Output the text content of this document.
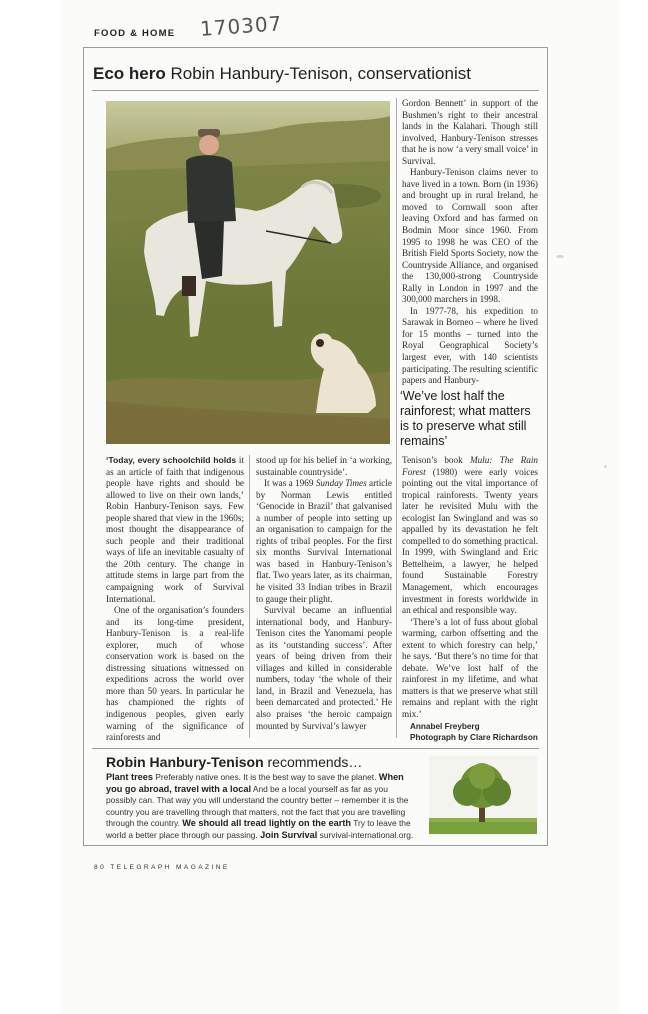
FOOD & HOME 170307
Eco hero Robin Hanbury-Tenison, conservationist

‘Today, every schoolchild holds it as an article of faith that indigenous people have rights and should be allowed to live on their own lands,’ Robin Hanbury-Tenison says. Few people shared that view in the 1960s; most thought the disappearance of such people and their traditional ways of life an inevitable casualty of the 20th century. The change in attitude stems in large part from the campaigning work of Survival International.

One of the organisation’s founders and its long-time president, Hanbury-Tenison is a real-life explorer, much of whose conservation work is based on the distressing situations witnessed on expeditions across the world over more than 50 years. In particular he has championed the rights of indigenous peoples, given early warning of the significance of rainforests and

stood up for his belief in ‘a working, sustainable countryside’.

It was a 1969 Sunday Times article by Norman Lewis entitled ‘Genocide in Brazil’ that galvanised a number of people into setting up an organisation to campaign for the rights of tribal peoples. For the first six months Survival International was based in Hanbury-Tenison’s flat. Two years later, as its chairman, he visited 33 Indian tribes in Brazil to gauge their plight.

Survival became an influential international body, and Hanbury-Tenison cites the Yanomami people as its ‘outstanding success’. After years of being driven from their villages and killed in considerable numbers, today ‘the whole of their land, in Brazil and Venezuela, has been demarcated and protected.’ He also praises ‘the heroic campaign mounted by Survival’s lawyer

Gordon Bennett’ in support of the Bushmen’s right to their ancestral lands in the Kalahari. Though still involved, Hanbury-Tenison stresses that he is now ‘a very small voice’ in Survival.

Hanbury-Tenison claims never to have lived in a town. Born (in 1936) and brought up in rural Ireland, he moved to Cornwall soon after leaving Oxford and has farmed on Bodmin Moor since 1960. From 1995 to 1998 he was CEO of the British Field Sports Society, now the Countryside Alliance, and organised the 130,000-strong Countryside Rally in London in 1997 and the 300,000 marchers in 1998.

In 1977-78, his expedition to Sarawak in Borneo – where he lived for 15 months – turned into the Royal Geographical Society’s largest ever, with 140 scientists participating. The resulting scientific papers and Hanbury-

‘We’ve lost half the rainforest; what matters is to preserve what still remains’

Tenison’s book Mulu: The Rain Forest (1980) were early voices pointing out the vital importance of tropical rainforests. Twenty years later he revisited Mulu with the ecologist Ian Swingland and was so appalled by its devastation he felt compelled to do something practical. In 1999, with Swingland and Eric Bettelheim, a lawyer, he helped found Sustainable Forestry Management, which encourages investment in forests worldwide in an ethical and responsible way.

‘There’s a lot of fuss about global warming, carbon offsetting and the extent to which forestry can help,’ he says. ‘But there’s no time for that debate. We’ve lost half of the rainforest in my lifetime, and what matters is that we preserve what still remains and replant with the right mix.’

Annabel Freyberg

Photograph by Clare Richardson

Robin Hanbury-Tenison recommends…
Plant trees Preferably native ones. It is the best way to save the planet. When you go abroad, travel with a local And be a local yourself as far as you possibly can. That way you will understand the country better – remember it is the country you are travelling through that matters, not the fact that you are travelling through the country. We should all tread lightly on the earth Try to leave the world a better place through our passing. Join Survival survival-international.org.
80 TELEGRAPH MAGAZINE
